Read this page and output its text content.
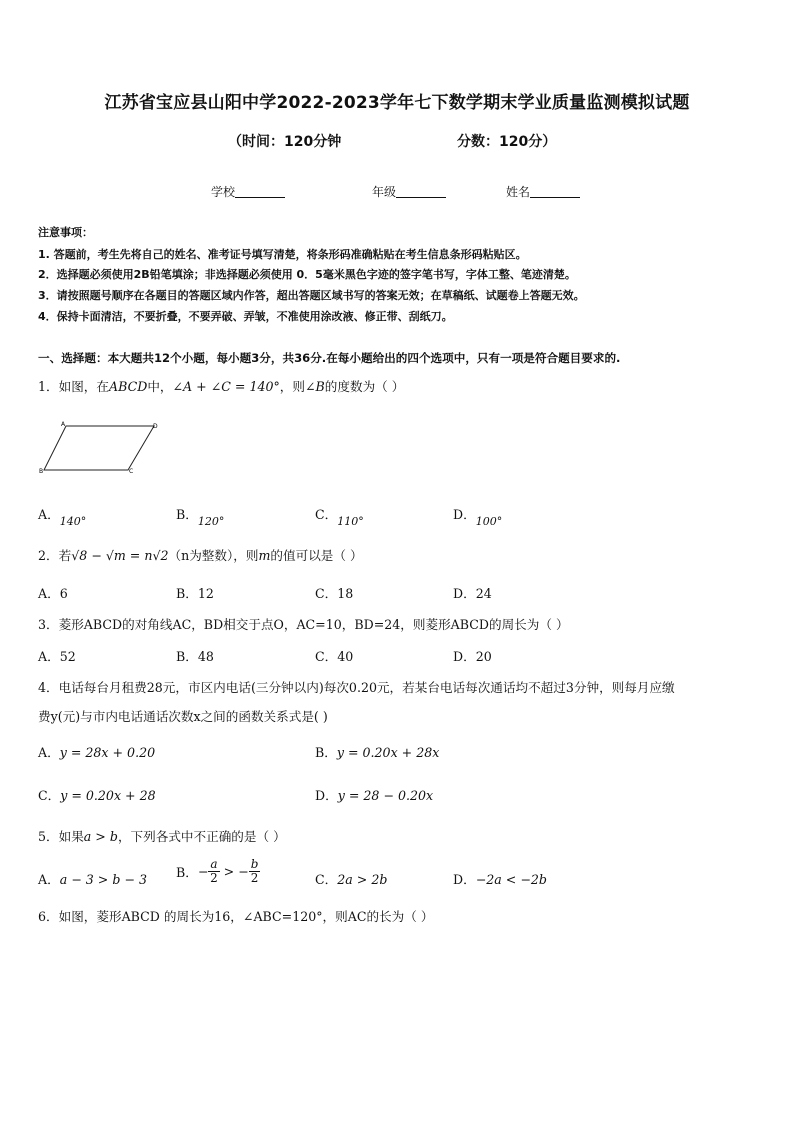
江苏省宝应县山阳中学2022-2023学年七下数学期末学业质量监测模拟试题
（时间：120分钟	分数：120分）
学校	年级	姓名
注意事项：
1. 答题前，考生先将自己的姓名、准考证号填写清楚，将条形码准确粘贴在考生信息条形码粘贴区。
2．选择题必须使用2B铅笔填涂；非选择题必须使用 0．5毫米黑色字迹的签字笔书写，字体工整、笔迹清楚。
3．请按照题号顺序在各题目的答题区域内作答，超出答题区域书写的答案无效；在草稿纸、试题卷上答题无效。
4．保持卡面清洁，不要折叠，不要弄破、弄皱，不准使用涂改液、修正带、刮纸刀。
一、选择题：本大题共12个小题，每小题3分，共36分.在每小题给出的四个选项中，只有一项是符合题目要求的.
1．如图，在ABCD中，∠A + ∠C = 140°，则∠B的度数为（ ）
A	D
B	C
A．140°	B．120°	C．110°	D．100°
2．若√8 − √m = n√2（n为整数），则m的值可以是（ ）
A．6	B．12	C．18	D．24
3．菱形ABCD的对角线AC，BD相交于点O，AC=10，BD=24，则菱形ABCD的周长为（ ）
A．52	B．48	C．40	D．20
4．电话每台月租费28元，市区内电话(三分钟以内)每次0.20元，若某台电话每次通话均不超过3分钟，则每月应缴
费y(元)与市内电话通话次数x之间的函数关系式是( )
A．y = 28x + 0.20	B．y = 0.20x + 28x
C．y = 0.20x + 28	D．y = 28 − 0.20x
5．如果a > b，下列各式中不正确的是（ ）
A．a − 3 > b − 3 B．− $\frac{a}{2}$ > − $\frac{b}{2}$	C．2a > 2b	D．−2a < −2b
6．如图，菱形ABCD 的周长为16，∠ABC=120°，则AC的长为（ ）
